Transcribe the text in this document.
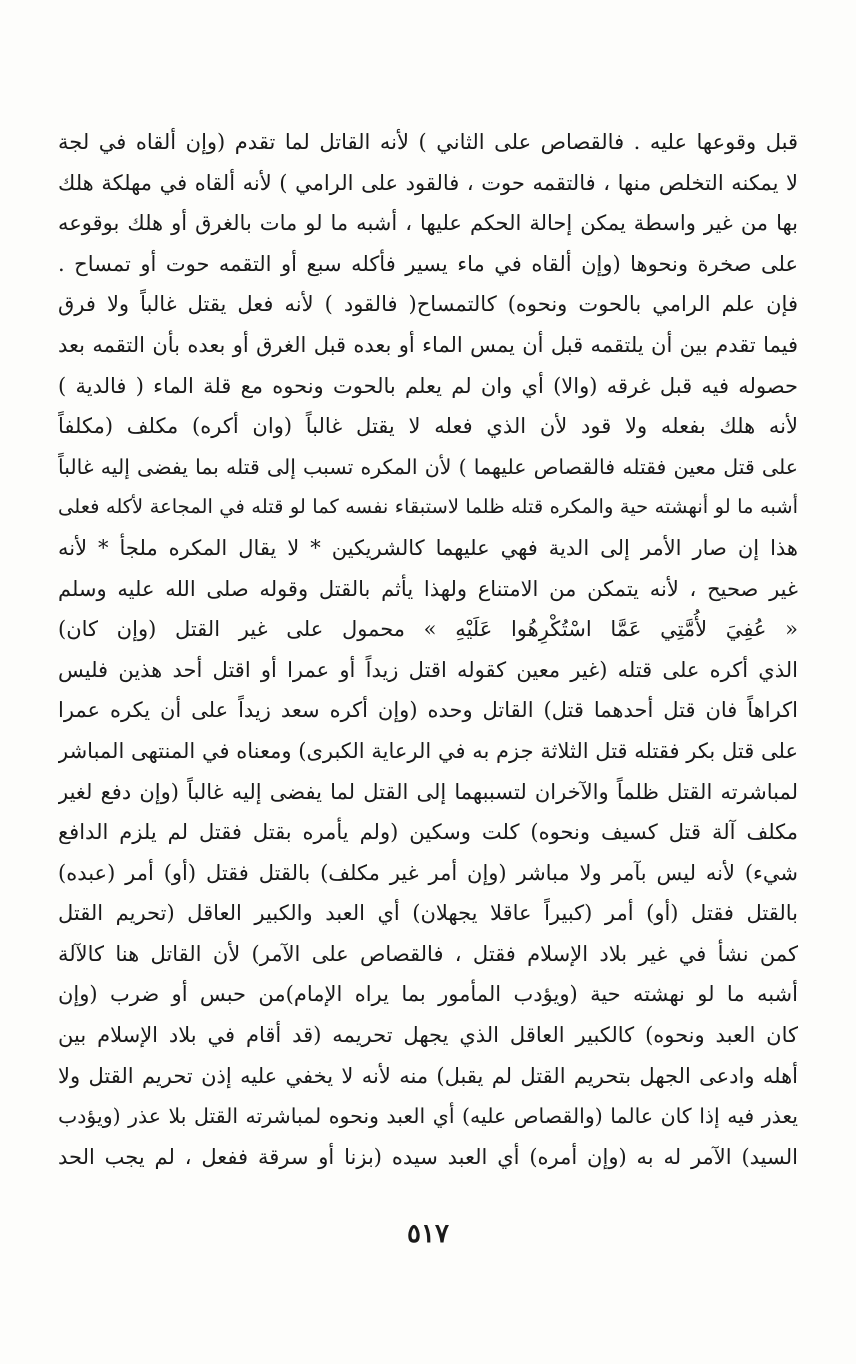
قبل وقوعها عليه . فالقصاص على الثاني ) لأنه القاتل لما تقدم (وإن ألقاه في لجة
لا يمكنه التخلص منها ، فالتقمه حوت ، فالقود على الرامي ) لأنه ألقاه في مهلكة هلك
بها من غير واسطة يمكن إحالة الحكم عليها ، أشبه ما لو مات بالغرق أو هلك بوقوعه
على صخرة ونحوها (وإن ألقاه في ماء يسير فأكله سبع أو التقمه حوت أو تمساح .
فإن علم الرامي بالحوت ونحوه) كالتمساح( فالقود ) لأنه فعل يقتل غالباً ولا فرق
فيما تقدم بين أن يلتقمه قبل أن يمس الماء أو بعده قبل الغرق أو بعده بأن التقمه بعد
حصوله فيه قبل غرقه (والا) أي وان لم يعلم بالحوت ونحوه مع قلة الماء ( فالدية )
لأنه هلك بفعله ولا قود لأن الذي فعله لا يقتل غالباً (وان أكره) مكلف (مكلفاً
على قتل معين فقتله فالقصاص عليهما ) لأن المكره تسبب إلى قتله بما يفضى إليه غالباً
أشبه ما لو أنهشته حية والمكره قتله ظلما لاستبقاء نفسه كما لو قتله في المجاعة لأكله فعلى
هذا إن صار الأمر إلى الدية فهي عليهما كالشريكين * لا يقال المكره ملجأ * لأنه
غير صحيح ، لأنه يتمكن من الامتناع ولهذا يأثم بالقتل وقوله صلى الله عليه وسلم
« عُفِيَ لأُمَّتِي عَمَّا اسْتُكْرِهُوا عَلَيْهِ » محمول على غير القتل (وإن كان)
الذي أكره على قتله (غير معين كقوله اقتل زيداً أو عمرا أو اقتل أحد هذين فليس
اكراهاً فان قتل أحدهما قتل) القاتل وحده (وإن أكره سعد زيداً على أن يكره عمرا
على قتل بكر فقتله قتل الثلاثة جزم به في الرعاية الكبرى) ومعناه في المنتهى المباشر
لمباشرته القتل ظلماً والآخران لتسببهما إلى القتل لما يفضى إليه غالباً (وإن دفع لغير
مكلف آلة قتل كسيف ونحوه) كلت وسكين (ولم يأمره بقتل فقتل لم يلزم الدافع
شيء) لأنه ليس بآمر ولا مباشر (وإن أمر غير مكلف) بالقتل فقتل (أو) أمر (عبده)
بالقتل فقتل (أو) أمر (كبيراً عاقلا يجهلان) أي العبد والكبير العاقل (تحريم القتل
كمن نشأ في غير بلاد الإسلام فقتل ، فالقصاص على الآمر) لأن القاتل هنا كالآلة
أشبه ما لو نهشته حية (ويؤدب المأمور بما يراه الإمام)من حبس أو ضرب (وإن
كان العبد ونحوه) كالكبير العاقل الذي يجهل تحريمه (قد أقام في بلاد الإسلام بين
أهله وادعى الجهل بتحريم القتل لم يقبل) منه لأنه لا يخفي عليه إذن تحريم القتل ولا
يعذر فيه إذا كان عالما (والقصاص عليه) أي العبد ونحوه لمباشرته القتل بلا عذر (ويؤدب
السيد) الآمر له به (وإن أمره) أي العبد سيده (بزنا أو سرقة ففعل ، لم يجب الحد
٥١٧
